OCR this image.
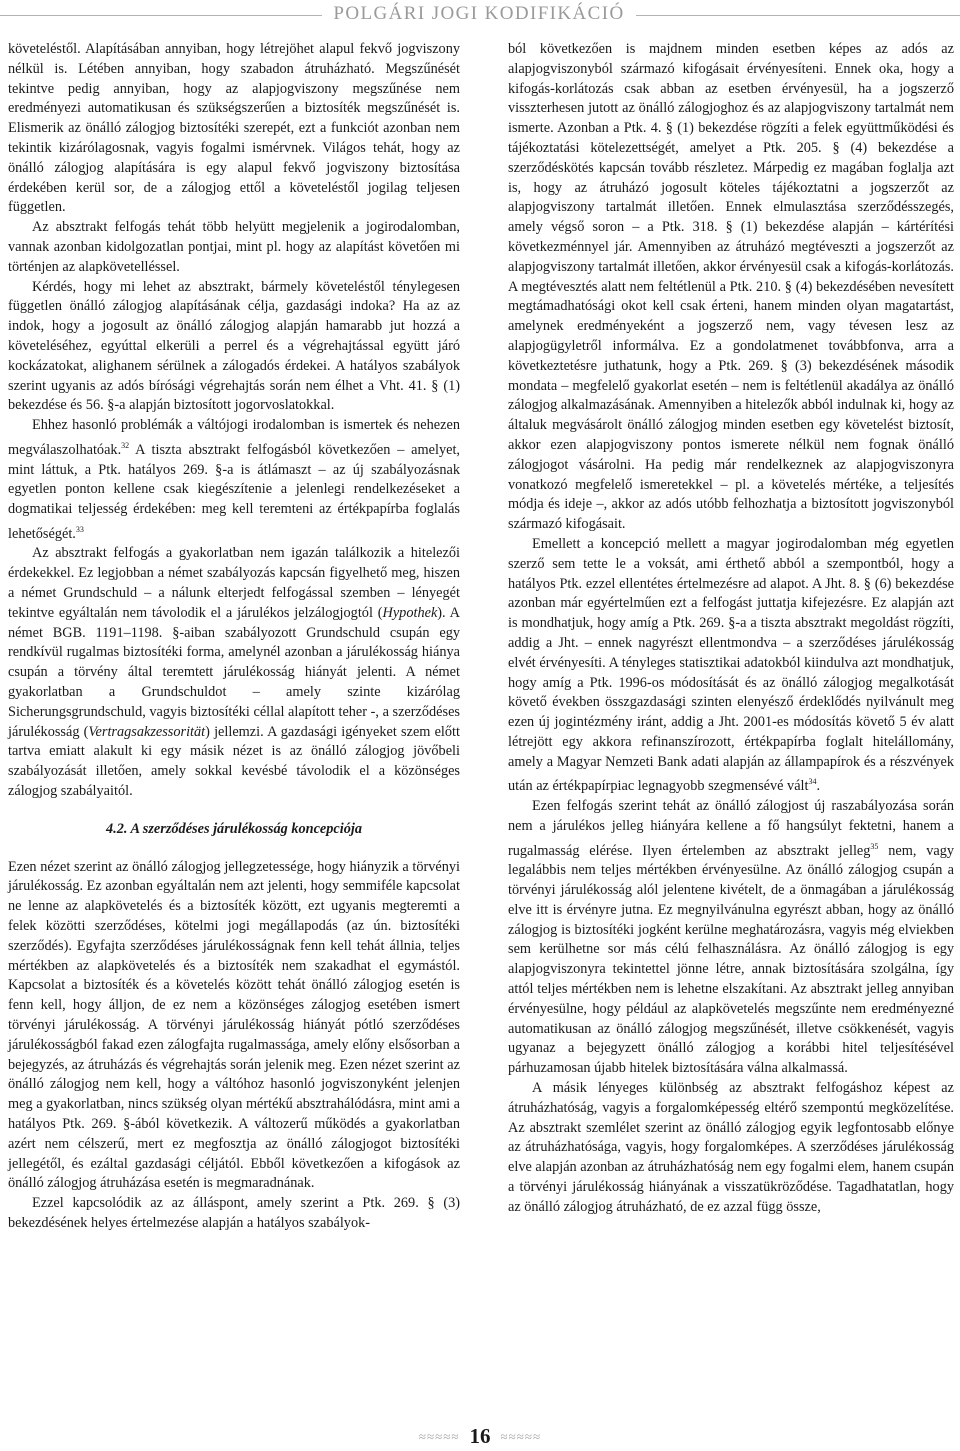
POLGÁRI JOGI KODIFIKÁCIÓ

követeléstől. Alapításában annyiban, hogy létrejöhet alapul fekvő jogviszony nélkül is. Létében annyiban, hogy szabadon átruházható. Megszűnését tekintve pedig annyiban, hogy az alapjogviszony megszűnése nem eredményezi automatikusan és szükségszerűen a biztosíték megszűnését is. Elismerik az önálló zálogjog biztosítéki szerepét, ezt a funkciót azonban nem tekintik kizárólagosnak, vagyis fogalmi ismérvnek. Világos tehát, hogy az önálló zálogjog alapítására is egy alapul fekvő jogviszony biztosítása érdekében kerül sor, de a zálogjog ettől a követeléstől jogilag teljesen független.

Az absztrakt felfogás tehát több helyütt megjelenik a jogirodalomban, vannak azonban kidolgozatlan pontjai, mint pl. hogy az alapítást követően mi történjen az alapkövetelléssel.

Kérdés, hogy mi lehet az absztrakt, bármely követeléstől ténylegesen független önálló zálogjog alapításának célja, gazdasági indoka? Ha az az indok, hogy a jogosult az önálló zálogjog alapján hamarabb jut hozzá a követeléséhez, egyúttal elkerüli a perrel és a végrehajtással együtt járó kockázatokat, alighanem sérülnek a zálogadós érdekei. A hatályos szabályok szerint ugyanis az adós bírósági végrehajtás során nem élhet a Vht. 41. § (1) bekezdése és 56. §-a alapján biztosított jogorvoslatokkal.

Ehhez hasonló problémák a váltójogi irodalomban is ismertek és nehezen megválaszolhatóak.$^{32}$ A tiszta absztrakt felfogásból következően – amelyet, mint láttuk, a Ptk. hatályos 269. §-a is átlámaszt – az új szabályozásnak egyetlen ponton kellene csak kiegészítenie a jelenlegi rendelkezéseket a dogmatikai teljesség érdekében: meg kell teremteni az értékpapírba foglalás lehetőségét.$^{33}$

Az absztrakt felfogás a gyakorlatban nem igazán találkozik a hitelezői érdekekkel. Ez legjobban a német szabályozás kapcsán figyelhető meg, hiszen a német Grundschuld – a nálunk elterjedt felfogással szemben – lényegét tekintve egyáltalán nem távolodik el a járulékos jelzálogjogtól (Hypothek). A német BGB. 1191–1198. §-aiban szabályozott Grundschuld csupán egy rendkívül rugalmas biztosítéki forma, amelynél azonban a járulékosság hiánya csupán a törvény által teremtett járulékosság hiányát jelenti. A német gyakorlatban a Grundschuldot – amely szinte kizárólag Sicherungsgrundschuld, vagyis biztosítéki céllal alapított teher -, a szerződéses járulékosság (Vertragsakzessorität) jellemzi. A gazdasági igényeket szem előtt tartva emiatt alakult ki egy másik nézet is az önálló zálogjog jövőbeli szabályozását illetően, amely sokkal kevésbé távolodik el a közönséges zálogjog szabályaitól.

4.2. A szerződéses járulékosság koncepciója

Ezen nézet szerint az önálló zálogjog jellegzetessége, hogy hiányzik a törvényi járulékosság. Ez azonban egyáltalán nem azt jelenti, hogy semmiféle kapcsolat ne lenne az alapkövetelés és a biztosíték között, ezt ugyanis megteremti a felek közötti szerződéses, kötelmi jogi megállapodás (az ún. biztosítéki szerződés). Egyfajta szerződéses járulékosságnak fenn kell tehát állnia, teljes mértékben az alapkövetelés és a biztosíték nem szakadhat el egymástól. Kapcsolat a biztosíték és a követelés között tehát önálló zálogjog esetén is fenn kell, hogy álljon, de ez nem a közönséges zálogjog esetében ismert törvényi járulékosság. A törvényi járulékosság hiányát pótló szerződéses járulékosságból fakad ezen zálogfajta rugalmassága, amely előny elsősorban a bejegyzés, az átruházás és végrehajtás során jelenik meg. Ezen nézet szerint az önálló zálogjog nem kell, hogy a váltóhoz hasonló jogviszonyként jelenjen meg a gyakorlatban, nincs szükség olyan mértékű absztrahálódásra, mint ami a hatályos Ptk. 269. §-ából következik. A változerű működés a gyakorlatban azért nem célszerű, mert ez megfosztja az önálló zálogjogot biztosítéki jellegétől, és ezáltal gazdasági céljától. Ebből következően a kifogások az önálló zálogjog átruházása esetén is megmaradnának.

Ezzel kapcsolódik az az álláspont, amely szerint a Ptk. 269. § (3) bekezdésének helyes értelmezése alapján a hatályos szabályok-

ból következően is majdnem minden esetben képes az adós az alapjogviszonyból származó kifogásait érvényesíteni. Ennek oka, hogy a kifogás-korlátozás csak abban az esetben érvényesül, ha a jogszerző visszterhesen jutott az önálló zálogjoghoz és az alapjogviszony tartalmát nem ismerte. Azonban a Ptk. 4. § (1) bekezdése rögzíti a felek együttműködési és tájékoztatási kötelezettségét, amelyet a Ptk. 205. § (4) bekezdése a szerződéskötés kapcsán tovább részletez. Márpedig ez magában foglalja azt is, hogy az átruházó jogosult köteles tájékoztatni a jogszerzőt az alapjogviszony tartalmát illetően. Ennek elmulasztása szerződésszegés, amely végső soron – a Ptk. 318. § (1) bekezdése alapján – kártérítési következménnyel jár. Amennyiben az átruházó megtéveszti a jogszerzőt az alapjogviszony tartalmát illetően, akkor érvényesül csak a kifogás-korlátozás. A megtévesztés alatt nem feltétlenül a Ptk. 210. § (4) bekezdésében nevesített megtámadhatósági okot kell csak érteni, hanem minden olyan magatartást, amelynek eredményeként a jogszerző nem, vagy tévesen lesz az alapjogügyletről informálva. Ez a gondolatmenet továbbfonva, arra a következtetésre juthatunk, hogy a Ptk. 269. § (3) bekezdésének második mondata – megfelelő gyakorlat esetén – nem is feltétlenül akadálya az önálló zálogjog alkalmazásának. Amennyiben a hitelezők abból indulnak ki, hogy az általuk megvásárolt önálló zálogjog minden esetben egy követelést biztosít, akkor ezen alapjogviszony pontos ismerete nélkül nem fognak önálló zálogjogot vásárolni. Ha pedig már rendelkeznek az alapjogviszonyra vonatkozó megfelelő ismeretekkel – pl. a követelés mértéke, a teljesítés módja és ideje –, akkor az adós utóbb felhozhatja a biztosított jogviszonyból származó kifogásait.

Emellett a koncepció mellett a magyar jogirodalomban még egyetlen szerző sem tette le a voksát, ami érthető abból a szempontból, hogy a hatályos Ptk. ezzel ellentétes értelmezésre ad alapot. A Jht. 8. § (6) bekezdése azonban már egyértelműen ezt a felfogást juttatja kifejezésre. Ez alapján azt is mondhatjuk, hogy amíg a Ptk. 269. §-a a tiszta absztrakt megoldást rögzíti, addig a Jht. – ennek nagyrészt ellentmondva – a szerződéses járulékosság elvét érvényesíti. A tényleges statisztikai adatokból kiindulva azt mondhatjuk, hogy amíg a Ptk. 1996-os módosítását és az önálló zálogjog megalkotását követő években összgazdasági szinten elenyésző érdeklődés nyilvánult meg ezen új jogintézmény iránt, addig a Jht. 2001-es módosítás követő 5 év alatt létrejött egy akkora refinanszírozott, értékpapírba foglalt hitelállomány, amely a Magyar Nemzeti Bank adati alapján az állampapírok és a részvények után az értékpapírpiac legnagyobb szegmensévé vált$^{34}$.

Ezen felfogás szerint tehát az önálló zálogjost új raszabályozása során nem a járulékos jelleg hiányára kellene a fő hangsúlyt fektetni, hanem a rugalmasság elérése. Ilyen értelemben az absztrakt jelleg$^{35}$ nem, vagy legalábbis nem teljes mértékben érvényesülne. Az önálló zálogjog csupán a törvényi járulékosság alól jelentene kivételt, de a önmagában a járulékosság elve itt is érvényre jutna. Ez megnyilvánulna egyrészt abban, hogy az önálló zálogjog is biztosítéki jogként kerülne meghatározásra, vagyis még elviekben sem kerülhetne sor más célú felhasználásra. Az önálló zálogjog is egy alapjogviszonyra tekintettel jönne létre, annak biztosítására szolgálna, így attól teljes mértékben nem is lehetne elszakítani. Az absztrakt jelleg annyiban érvényesülne, hogy például az alapkövetelés megszűnte nem eredményezné automatikusan az önálló zálogjog megszűnését, illetve csökkenését, vagyis ugyanaz a bejegyzett önálló zálogjog a korábbi hitel teljesítésével párhuzamosan újabb hitelek biztosítására válna alkalmassá.

A másik lényeges különbség az absztrakt felfogáshoz képest az átruházhatóság, vagyis a forgalomképesség eltérő szempontú megközelítése. Az absztrakt szemlélet szerint az önálló zálogjog egyik legfontosabb előnye az átruházhatósága, vagyis, hogy forgalomképes. A szerződéses járulékosság elve alapján azonban az átruházhatóság nem egy fogalmi elem, hanem csupán a törvényi járulékosság hiányának a visszatükröződése. Tagadhatatlan, hogy az önálló zálogjog átruházható, de ez azzal függ össze,

≈≈≈≈≈ 16 ≈≈≈≈≈
